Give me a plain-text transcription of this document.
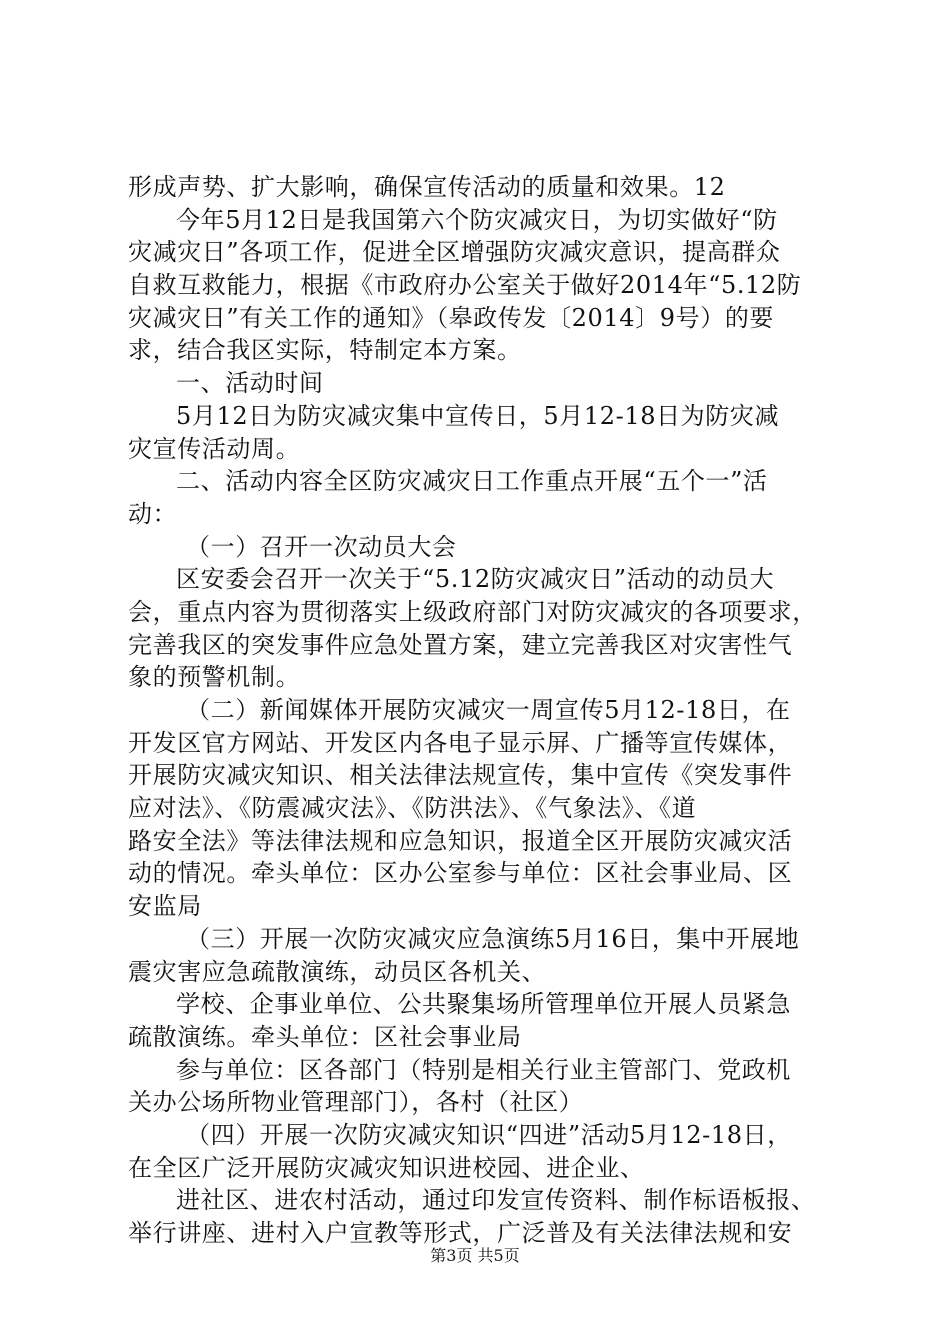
形成声势、扩大影响，确保宣传活动的质量和效果。12
今年5月12日是我国第六个防灾减灾日，为切实做好“防
灾减灾日”各项工作，促进全区增强防灾减灾意识，提高群众
自救互救能力，根据《市政府办公室关于做好2014年“5.12防
灾减灾日”有关工作的通知》（皋政传发〔2014〕9号）的要
求，结合我区实际，特制定本方案。
一、活动时间
5月12日为防灾减灾集中宣传日，5月12-18日为防灾减
灾宣传活动周。
二、活动内容全区防灾减灾日工作重点开展“五个一”活
动：
（一）召开一次动员大会
区安委会召开一次关于“5.12防灾减灾日”活动的动员大
会，重点内容为贯彻落实上级政府部门对防灾减灾的各项要求，
完善我区的突发事件应急处置方案，建立完善我区对灾害性气
象的预警机制。
（二）新闻媒体开展防灾减灾一周宣传5月12-18日，在
开发区官方网站、开发区内各电子显示屏、广播等宣传媒体，
开展防灾减灾知识、相关法律法规宣传，集中宣传《突发事件
应对法》、《防震减灾法》、《防洪法》、《气象法》、《道
路安全法》等法律法规和应急知识，报道全区开展防灾减灾活
动的情况。牵头单位：区办公室参与单位：区社会事业局、区
安监局
（三）开展一次防灾减灾应急演练5月16日，集中开展地
震灾害应急疏散演练，动员区各机关、
学校、企事业单位、公共聚集场所管理单位开展人员紧急
疏散演练。牵头单位：区社会事业局
参与单位：区各部门（特别是相关行业主管部门、党政机
关办公场所物业管理部门），各村（社区）
（四）开展一次防灾减灾知识“四进”活动5月12-18日，
在全区广泛开展防灾减灾知识进校园、进企业、
进社区、进农村活动，通过印发宣传资料、制作标语板报、
举行讲座、进村入户宣教等形式，广泛普及有关法律法规和安
第3页 共5页
